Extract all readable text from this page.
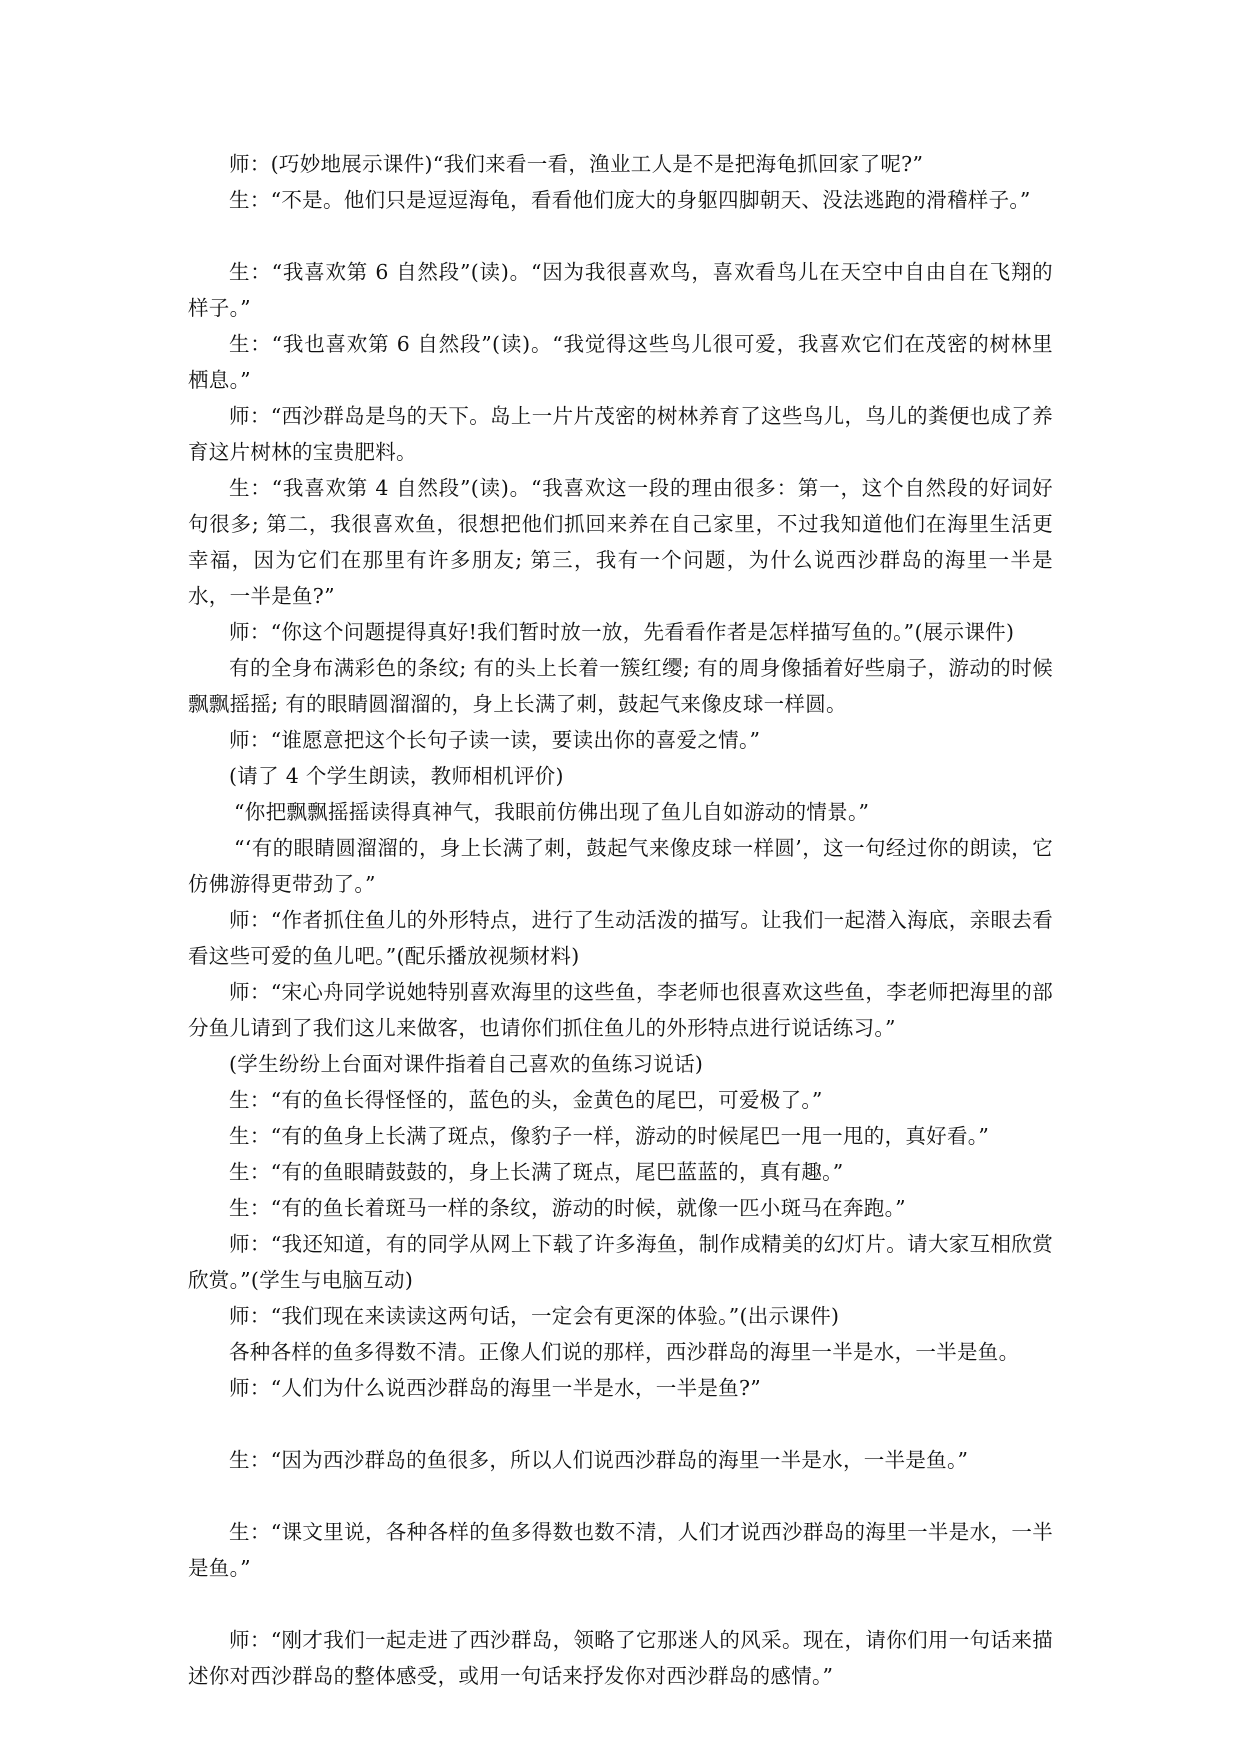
师：(巧妙地展示课件)“我们来看一看，渔业工人是不是把海龟抓回家了呢?”

生：“不是。他们只是逗逗海龟，看看他们庞大的身躯四脚朝天、没法逃跑的滑稽样子。”

生：“我喜欢第 6 自然段”(读)。“因为我很喜欢鸟，喜欢看鸟儿在天空中自由自在飞翔的样子。”

生：“我也喜欢第 6 自然段”(读)。“我觉得这些鸟儿很可爱，我喜欢它们在茂密的树林里栖息。”

师：“西沙群岛是鸟的天下。岛上一片片茂密的树林养育了这些鸟儿，鸟儿的粪便也成了养育这片树林的宝贵肥料。

生：“我喜欢第 4 自然段”(读)。“我喜欢这一段的理由很多：第一，这个自然段的好词好句很多; 第二，我很喜欢鱼，很想把他们抓回来养在自己家里，不过我知道他们在海里生活更幸福，因为它们在那里有许多朋友; 第三，我有一个问题，为什么说西沙群岛的海里一半是水，一半是鱼?”

师：“你这个问题提得真好!我们暂时放一放，先看看作者是怎样描写鱼的。”(展示课件)

有的全身布满彩色的条纹; 有的头上长着一簇红缨; 有的周身像插着好些扇子，游动的时候飘飘摇摇; 有的眼睛圆溜溜的，身上长满了刺，鼓起气来像皮球一样圆。

师：“谁愿意把这个长句子读一读，要读出你的喜爱之情。”

(请了 4 个学生朗读，教师相机评价)

“你把飘飘摇摇读得真神气，我眼前仿佛出现了鱼儿自如游动的情景。”

“‘有的眼睛圆溜溜的，身上长满了刺，鼓起气来像皮球一样圆’，这一句经过你的朗读，它仿佛游得更带劲了。”

师：“作者抓住鱼儿的外形特点，进行了生动活泼的描写。让我们一起潜入海底，亲眼去看看这些可爱的鱼儿吧。”(配乐播放视频材料)

师：“宋心舟同学说她特别喜欢海里的这些鱼，李老师也很喜欢这些鱼，李老师把海里的部分鱼儿请到了我们这儿来做客，也请你们抓住鱼儿的外形特点进行说话练习。”

(学生纷纷上台面对课件指着自己喜欢的鱼练习说话)

生：“有的鱼长得怪怪的，蓝色的头，金黄色的尾巴，可爱极了。”

生：“有的鱼身上长满了斑点，像豹子一样，游动的时候尾巴一甩一甩的，真好看。”

生：“有的鱼眼睛鼓鼓的，身上长满了斑点，尾巴蓝蓝的，真有趣。”

生：“有的鱼长着斑马一样的条纹，游动的时候，就像一匹小斑马在奔跑。”

师：“我还知道，有的同学从网上下载了许多海鱼，制作成精美的幻灯片。请大家互相欣赏欣赏。”(学生与电脑互动)

师：“我们现在来读读这两句话，一定会有更深的体验。”(出示课件)

各种各样的鱼多得数不清。正像人们说的那样，西沙群岛的海里一半是水，一半是鱼。

师：“人们为什么说西沙群岛的海里一半是水，一半是鱼?”

生：“因为西沙群岛的鱼很多，所以人们说西沙群岛的海里一半是水，一半是鱼。”

生：“课文里说，各种各样的鱼多得数也数不清，人们才说西沙群岛的海里一半是水，一半是鱼。”

师：“刚才我们一起走进了西沙群岛，领略了它那迷人的风采。现在，请你们用一句话来描述你对西沙群岛的整体感受，或用一句话来抒发你对西沙群岛的感情。”
